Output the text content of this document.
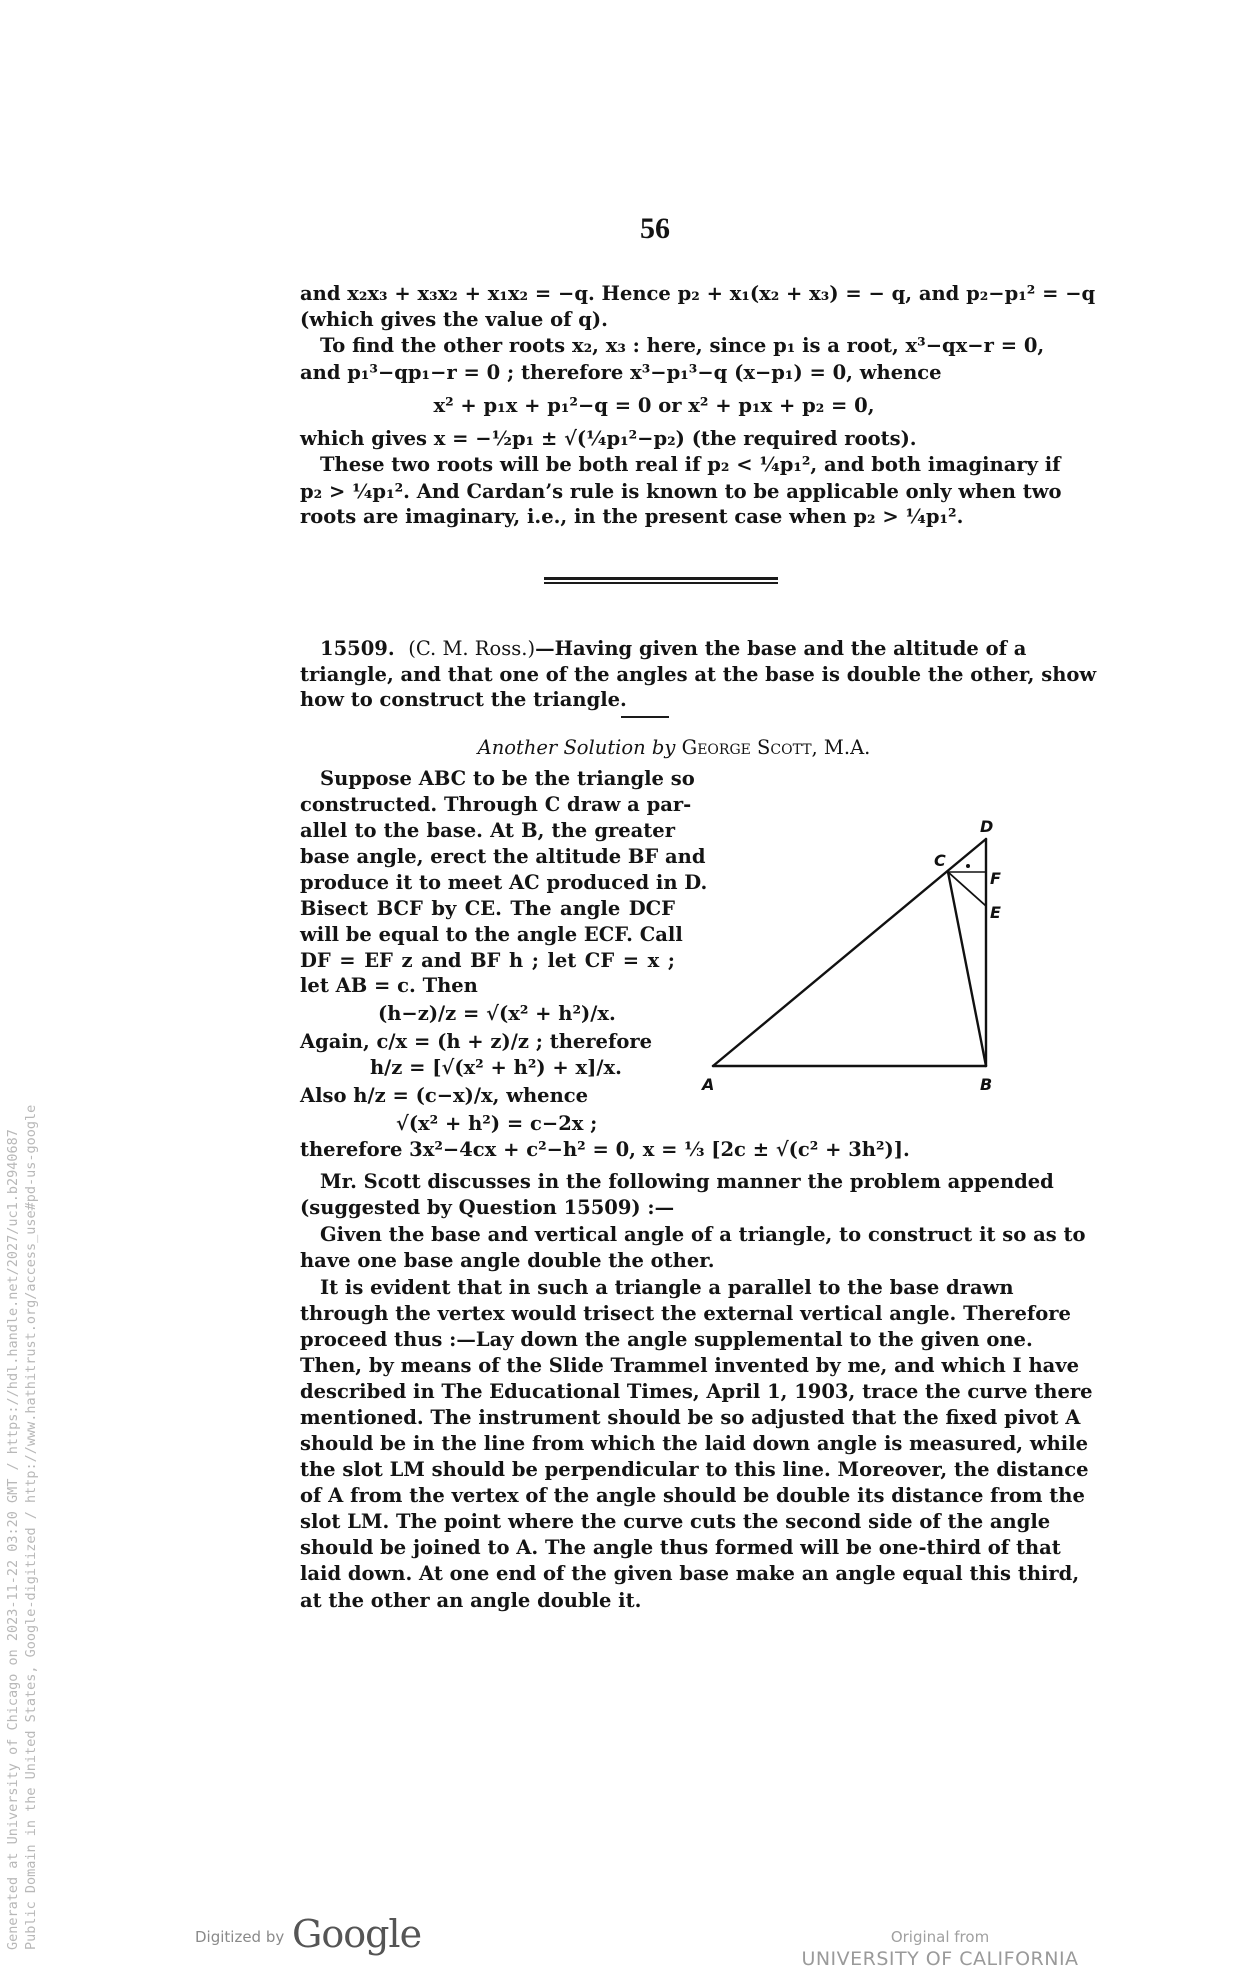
56
and x₂x₃ + x₃x₂ + x₁x₂ = −q. Hence p₂ + x₁(x₂ + x₃) = − q, and p₂−p₁² = −q
(which gives the value of q).
To find the other roots x₂, x₃ : here, since p₁ is a root, x³−qx−r = 0,
and p₁³−qp₁−r = 0 ; therefore x³−p₁³−q (x−p₁) = 0, whence
x² + p₁x + p₁²−q = 0 or x² + p₁x + p₂ = 0,
which gives x = −½p₁ ± √(¼p₁²−p₂) (the required roots).
These two roots will be both real if p₂ < ¼p₁², and both imaginary if
p₂ > ¼p₁². And Cardan’s rule is known to be applicable only when two
roots are imaginary, i.e., in the present case when p₂ > ¼p₁².
15509. (C. M. Ross.)—Having given the base and the altitude of a
triangle, and that one of the angles at the base is double the other, show
how to construct the triangle.
Another Solution by George Scott, M.A.
Suppose ABC to be the triangle so
constructed. Through C draw a par-
allel to the base. At B, the greater
base angle, erect the altitude BF and
produce it to meet AC produced in D.
Bisect BCF by CE. The angle DCF
will be equal to the angle ECF. Call
DF = EF z and BF h ; let CF = x ;
let AB = c. Then
(h−z)/z = √(x² + h²)/x.
Again, c/x = (h + z)/z ; therefore
h/z = [√(x² + h²) + x]/x.
Also h/z = (c−x)/x, whence
√(x² + h²) = c−2x ;
therefore 3x²−4cx + c²−h² = 0, x = ⅓ [2c ± √(c² + 3h²)].
A	B
C
D
F
E
Mr. Scott discusses in the following manner the problem appended
(suggested by Question 15509) :—
Given the base and vertical angle of a triangle, to construct it so as to
have one base angle double the other.
It is evident that in such a triangle a parallel to the base drawn
through the vertex would trisect the external vertical angle. Therefore
proceed thus :—Lay down the angle supplemental to the given one.
Then, by means of the Slide Trammel invented by me, and which I have
described in The Educational Times, April 1, 1903, trace the curve there
mentioned. The instrument should be so adjusted that the fixed pivot A
should be in the line from which the laid down angle is measured, while
the slot LM should be perpendicular to this line. Moreover, the distance
of A from the vertex of the angle should be double its distance from the
slot LM. The point where the curve cuts the second side of the angle
should be joined to A. The angle thus formed will be one-third of that
laid down. At one end of the given base make an angle equal this third,
at the other an angle double it.
Generated at University of Chicago on 2023-11-22 03:20 GMT / https://hdl.handle.net/2027/uc1.b2940687 Public Domain in the United States, Google-digitized / http://www.hathitrust.org/access_use#pd-us-google	Digitized by Google	Original from
UNIVERSITY OF CALIFORNIA
